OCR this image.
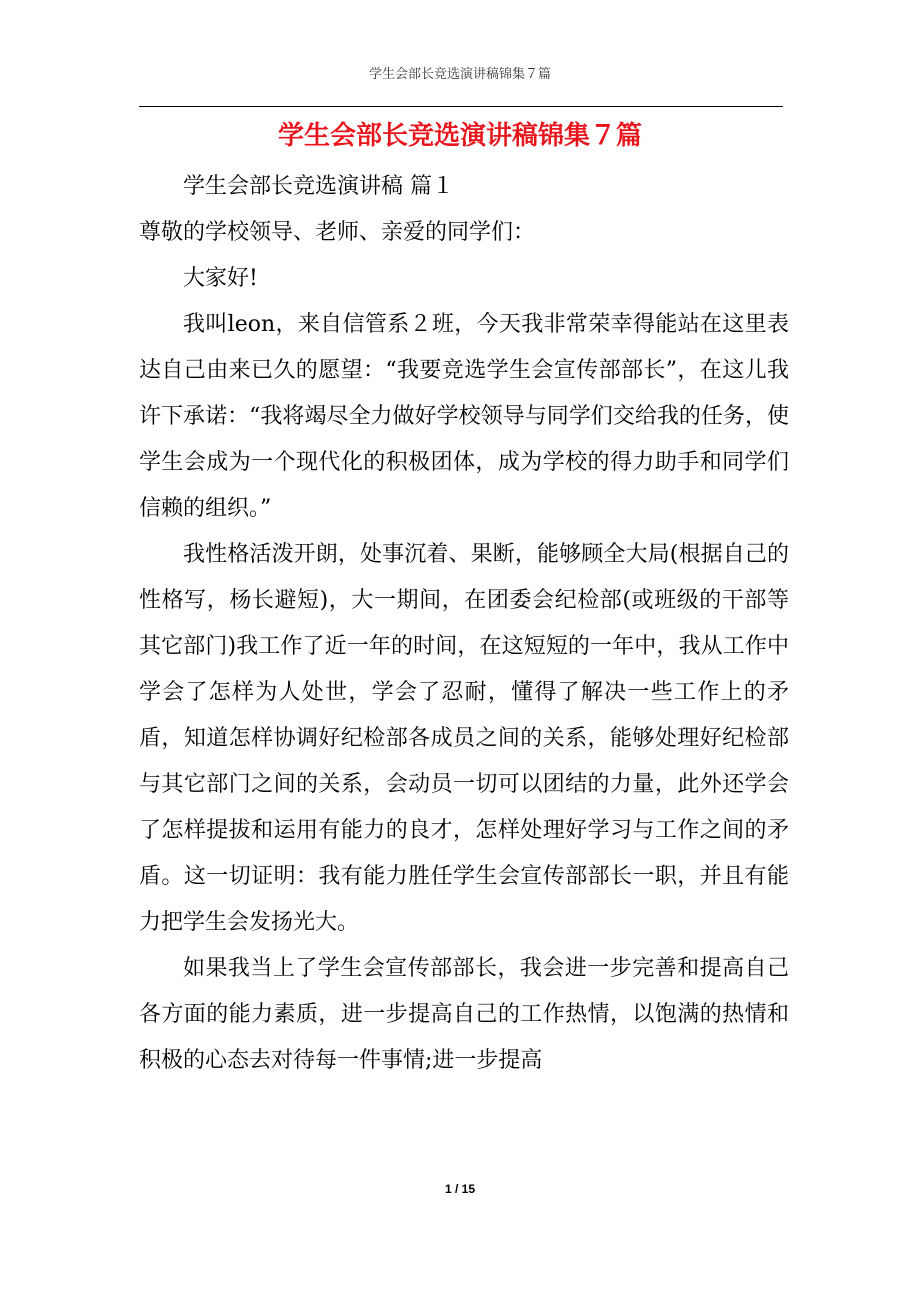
学生会部长竞选演讲稿锦集７篇
学生会部长竞选演讲稿锦集７篇

学生会部长竞选演讲稿 篇１

尊敬的学校领导、老师、亲爱的同学们：

大家好!

我叫leon，来自信管系２班，今天我非常荣幸得能站在这里表达自己由来已久的愿望：“我要竞选学生会宣传部部长”，在这儿我许下承诺：“我将竭尽全力做好学校领导与同学们交给我的任务，使学生会成为一个现代化的积极团体，成为学校的得力助手和同学们信赖的组织。”

我性格活泼开朗，处事沉着、果断，能够顾全大局(根据自己的性格写，杨长避短)，大一期间，在团委会纪检部(或班级的干部等其它部门)我工作了近一年的时间，在这短短的一年中，我从工作中学会了怎样为人处世，学会了忍耐，懂得了解决一些工作上的矛盾，知道怎样协调好纪检部各成员之间的关系，能够处理好纪检部与其它部门之间的关系，会动员一切可以团结的力量，此外还学会了怎样提拔和运用有能力的良才，怎样处理好学习与工作之间的矛盾。这一切证明：我有能力胜任学生会宣传部部长一职，并且有能力把学生会发扬光大。

如果我当上了学生会宣传部部长，我会进一步完善和提高自己各方面的能力素质，进一步提高自己的工作热情，以饱满的热情和积极的心态去对待每一件事情;进一步提高

1 / 15
